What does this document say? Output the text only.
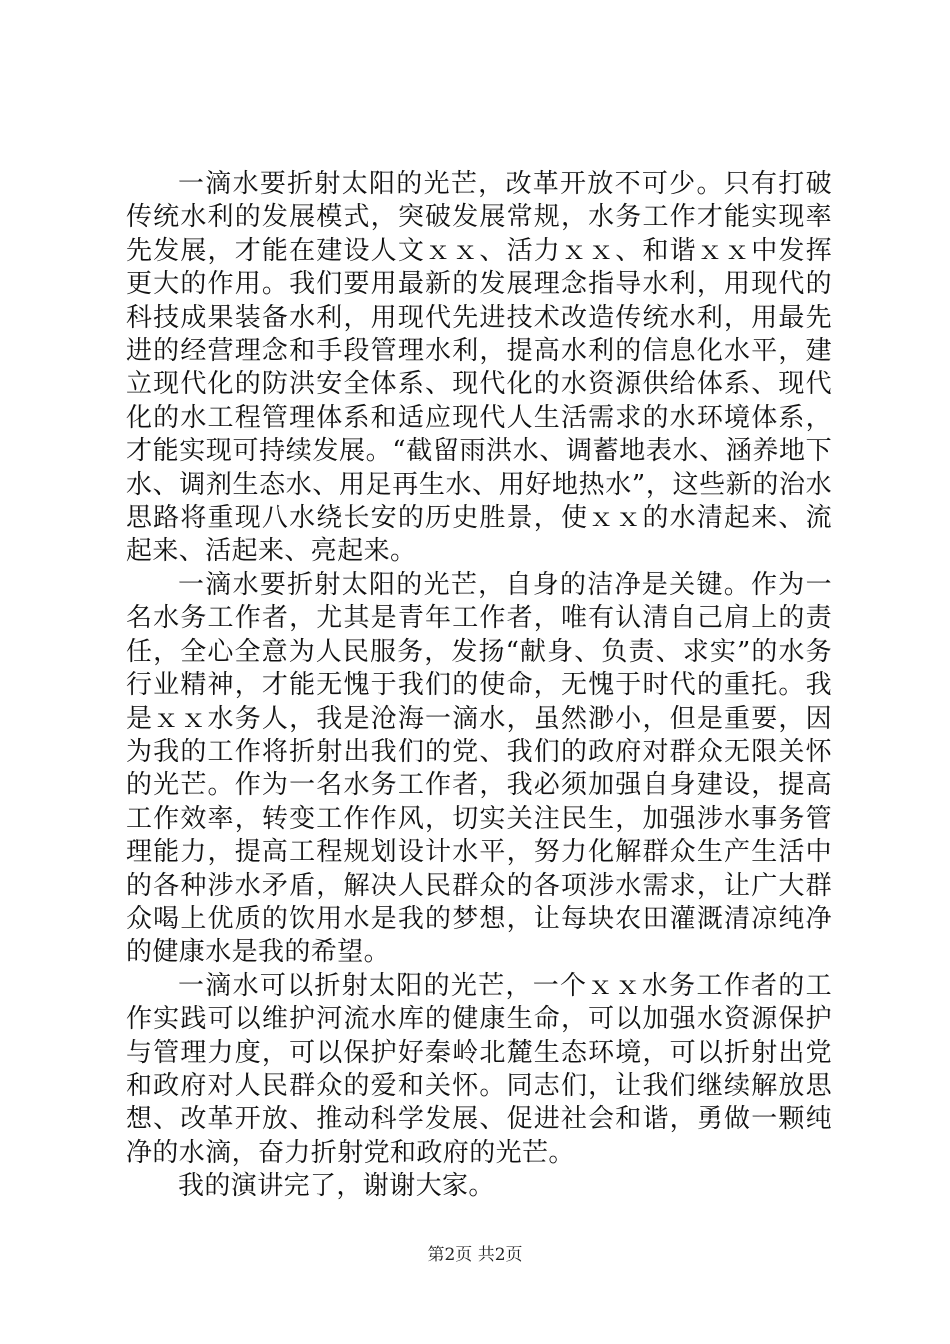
一滴水要折射太阳的光芒，改革开放不可少。只有打破传统水利的发展模式，突破发展常规，水务工作才能实现率先发展，才能在建设人文ｘｘ、活力ｘｘ、和谐ｘｘ中发挥更大的作用。我们要用最新的发展理念指导水利，用现代的科技成果装备水利，用现代先进技术改造传统水利，用最先进的经营理念和手段管理水利，提高水利的信息化水平，建立现代化的防洪安全体系、现代化的水资源供给体系、现代化的水工程管理体系和适应现代人生活需求的水环境体系，才能实现可持续发展。“截留雨洪水、调蓄地表水、涵养地下水、调剂生态水、用足再生水、用好地热水”，这些新的治水思路将重现八水绕长安的历史胜景，使ｘｘ的水清起来、流起来、活起来、亮起来。

一滴水要折射太阳的光芒，自身的洁净是关键。作为一名水务工作者，尤其是青年工作者，唯有认清自己肩上的责任，全心全意为人民服务，发扬“献身、负责、求实”的水务行业精神，才能无愧于我们的使命，无愧于时代的重托。我是ｘｘ水务人，我是沧海一滴水，虽然渺小，但是重要，因为我的工作将折射出我们的党、我们的政府对群众无限关怀的光芒。作为一名水务工作者，我必须加强自身建设，提高工作效率，转变工作作风，切实关注民生，加强涉水事务管理能力，提高工程规划设计水平，努力化解群众生产生活中的各种涉水矛盾，解决人民群众的各项涉水需求，让广大群众喝上优质的饮用水是我的梦想，让每块农田灌溉清凉纯净的健康水是我的希望。

一滴水可以折射太阳的光芒，一个ｘｘ水务工作者的工作实践可以维护河流水库的健康生命，可以加强水资源保护与管理力度，可以保护好秦岭北麓生态环境，可以折射出党和政府对人民群众的爱和关怀。同志们，让我们继续解放思想、改革开放、推动科学发展、促进社会和谐，勇做一颗纯净的水滴，奋力折射党和政府的光芒。

我的演讲完了，谢谢大家。

第2页 共2页
